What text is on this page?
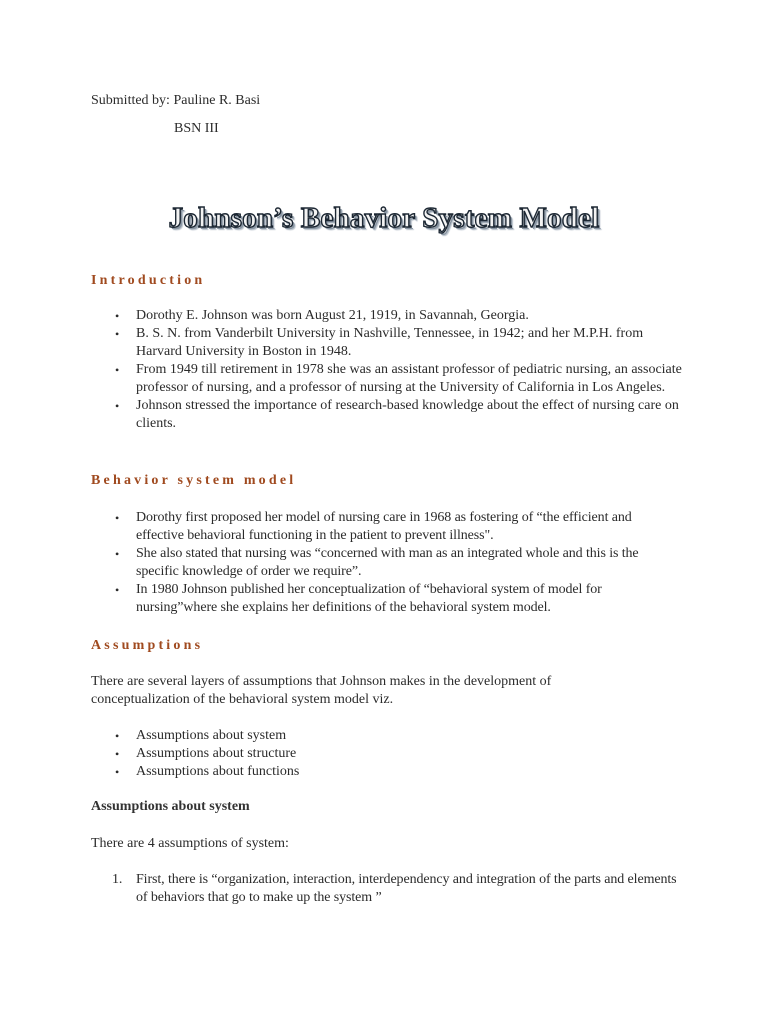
Submitted by: Pauline R. Basi
BSN III
Johnson’s Behavior System Model
Introduction
• Dorothy E. Johnson was born August 21, 1919, in Savannah, Georgia.
• B. S. N. from Vanderbilt University in Nashville, Tennessee, in 1942; and her M.P.H. from Harvard University in Boston in 1948.
• From 1949 till retirement in 1978 she was an assistant professor of pediatric nursing, an associate professor of nursing, and a professor of nursing at the University of California in Los Angeles.
• Johnson stressed the importance of research-based knowledge about the effect of nursing care on clients.
Behavior system model
• Dorothy first proposed her model of nursing care in 1968 as fostering of “the efficient and effective behavioral functioning in the patient to prevent illness".
• She also stated that nursing was “concerned with man as an integrated whole and this is the specific knowledge of order we require”.
• In 1980 Johnson published her conceptualization of “behavioral system of model for nursing”where she explains her definitions of the behavioral system model.
Assumptions
There are several layers of assumptions that Johnson makes in the development of conceptualization of the behavioral system model viz.
• Assumptions about system
• Assumptions about structure
• Assumptions about functions
Assumptions about system
There are 4 assumptions of system:
1. First, there is “organization, interaction, interdependency and integration of the parts and elements of behaviors that go to make up the system ”
